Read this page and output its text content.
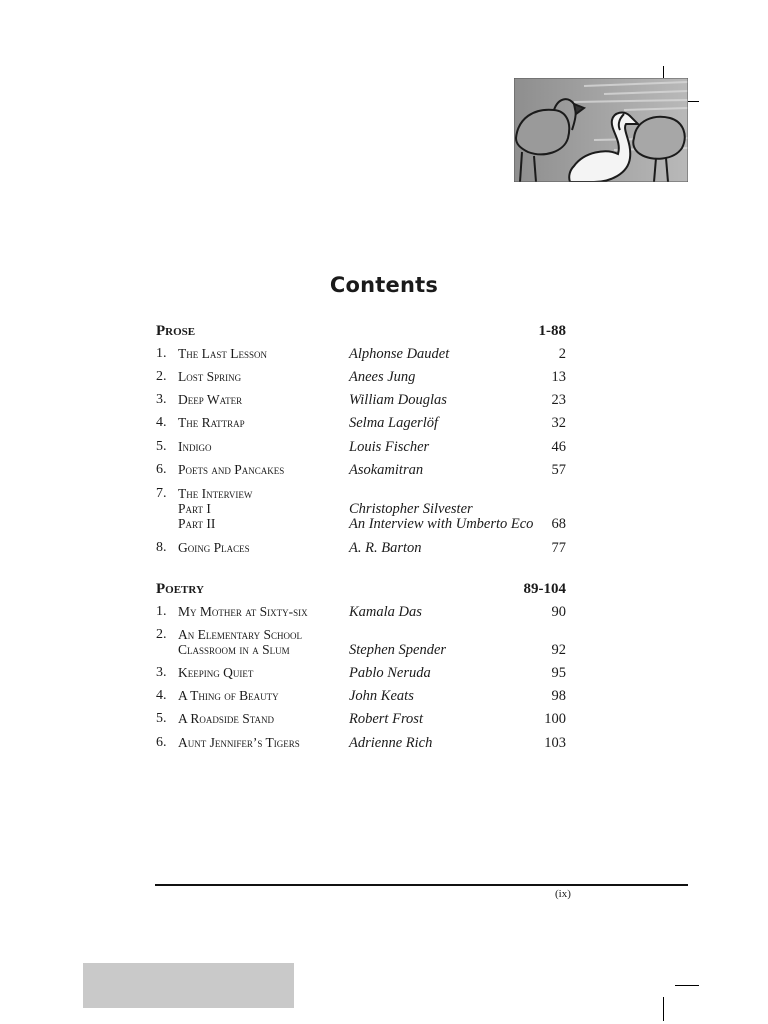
Contents
Prose	1-88
1. The Last Lesson	Alphonse Daudet	2
2. Lost Spring	Anees Jung	13
3. Deep Water	William Douglas	23
4. The Rattrap	Selma Lagerlöf	32
5. Indigo	Louis Fischer	46
6. Poets and Pancakes	Asokamitran	57
7. The Interview
Part I	Christopher Silvester
Part II	An Interview with Umberto Eco 68
8. Going Places	A. R. Barton	77
Poetry	89-104
1. My Mother at Sixty-six	Kamala Das	90
2. An Elementary School
Classroom in a Slum	Stephen Spender	92
3. Keeping Quiet	Pablo Neruda	95
4. A Thing of Beauty	John Keats	98
5. A Roadside Stand	Robert Frost	100
6. Aunt Jennifer’s Tigers	Adrienne Rich	103
(ix)
